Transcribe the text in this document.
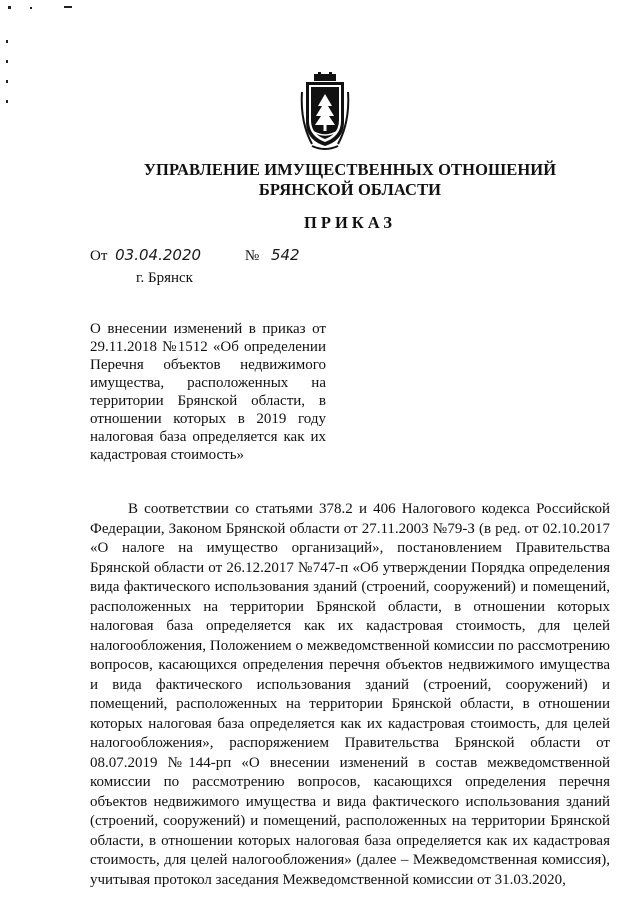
УПРАВЛЕНИЕ ИМУЩЕСТВЕННЫХ ОТНОШЕНИЙ
БРЯНСКОЙ ОБЛАСТИ
ПРИКАЗ
От 03.04.2020	№ 542
г. Брянск

О внесении изменений в приказ от 29.11.2018 №1512 «Об определении Перечня объектов недвижимого имущества, расположенных на территории Брянской области, в отношении которых в 2019 году налоговая база определяется как их кадастровая стоимость»

В соответствии со статьями 378.2 и 406 Налогового кодекса Российской Федерации, Законом Брянской области от 27.11.2003 №79-З (в ред. от 02.10.2017 «О налоге на имущество организаций», постановлением Правительства Брянской области от 26.12.2017 №747-п «Об утверждении Порядка определения вида фактического использования зданий (строений, сооружений) и помещений, расположенных на территории Брянской области, в отношении которых налоговая база определяется как их кадастровая стоимость, для целей налогообложения, Положением о межведомственной комиссии по рассмотрению вопросов, касающихся определения перечня объектов недвижимого имущества и вида фактического использования зданий (строений, сооружений) и помещений, расположенных на территории Брянской области, в отношении которых налоговая база определяется как их кадастровая стоимость, для целей налогообложения», распоряжением Правительства Брянской области от 08.07.2019 №144-рп «О внесении изменений в состав межведомственной комиссии по рассмотрению вопросов, касающихся определения перечня объектов недвижимого имущества и вида фактического использования зданий (строений, сооружений) и помещений, расположенных на территории Брянской области, в отношении которых налоговая база определяется как их кадастровая стоимость, для целей налогообложения» (далее – Межведомственная комиссия), учитывая протокол заседания Межведомственной комиссии от 31.03.2020,
